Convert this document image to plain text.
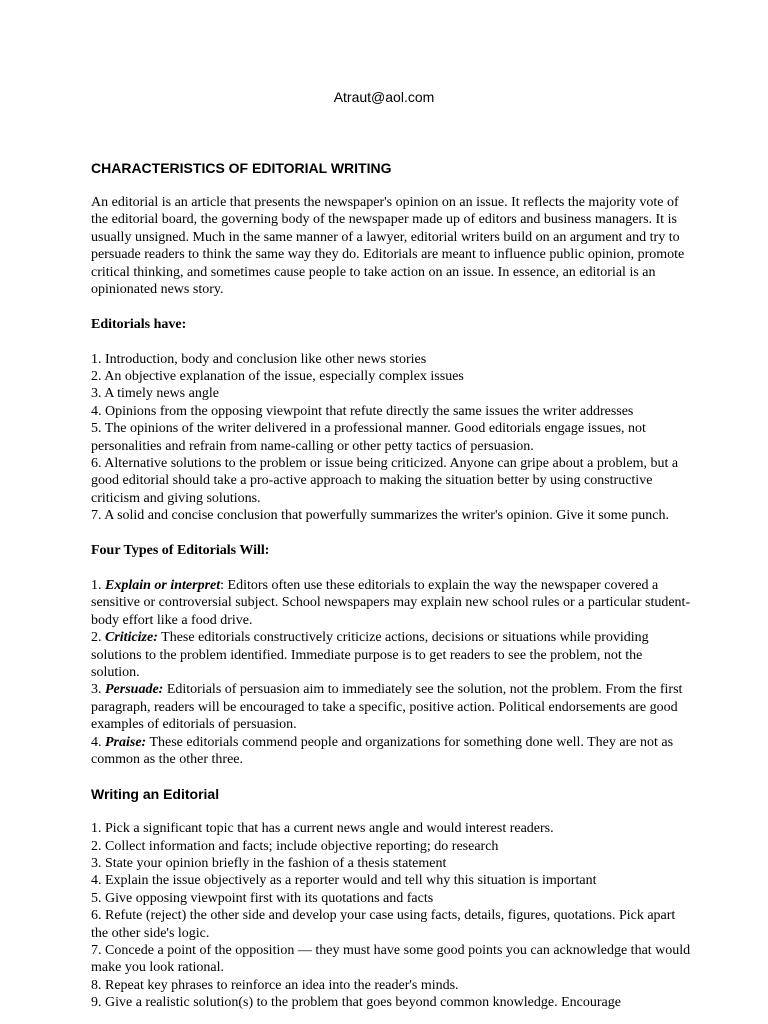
Atraut@aol.com

CHARACTERISTICS OF EDITORIAL WRITING

An editorial is an article that presents the newspaper's opinion on an issue. It reflects the majority vote of the editorial board, the governing body of the newspaper made up of editors and business managers. It is usually unsigned. Much in the same manner of a lawyer, editorial writers build on an argument and try to persuade readers to think the same way they do. Editorials are meant to influence public opinion, promote critical thinking, and sometimes cause people to take action on an issue. In essence, an editorial is an opinionated news story.

Editorials have:
1. Introduction, body and conclusion like other news stories
2. An objective explanation of the issue, especially complex issues
3. A timely news angle
4. Opinions from the opposing viewpoint that refute directly the same issues the writer addresses
5. The opinions of the writer delivered in a professional manner. Good editorials engage issues, not personalities and refrain from name-calling or other petty tactics of persuasion.
6. Alternative solutions to the problem or issue being criticized. Anyone can gripe about a problem, but a good editorial should take a pro-active approach to making the situation better by using constructive criticism and giving solutions.
7. A solid and concise conclusion that powerfully summarizes the writer's opinion. Give it some punch.
Four Types of Editorials Will:
1. Explain or interpret: Editors often use these editorials to explain the way the newspaper covered a sensitive or controversial subject. School newspapers may explain new school rules or a particular student-body effort like a food drive.
2. Criticize: These editorials constructively criticize actions, decisions or situations while providing solutions to the problem identified. Immediate purpose is to get readers to see the problem, not the solution.
3. Persuade: Editorials of persuasion aim to immediately see the solution, not the problem. From the first paragraph, readers will be encouraged to take a specific, positive action. Political endorsements are good examples of editorials of persuasion.
4. Praise: These editorials commend people and organizations for something done well. They are not as common as the other three.
Writing an Editorial
1. Pick a significant topic that has a current news angle and would interest readers.
2. Collect information and facts; include objective reporting; do research
3. State your opinion briefly in the fashion of a thesis statement
4. Explain the issue objectively as a reporter would and tell why this situation is important
5. Give opposing viewpoint first with its quotations and facts
6. Refute (reject) the other side and develop your case using facts, details, figures, quotations. Pick apart the other side's logic.
7. Concede a point of the opposition — they must have some good points you can acknowledge that would make you look rational.
8. Repeat key phrases to reinforce an idea into the reader's minds.
9. Give a realistic solution(s) to the problem that goes beyond common knowledge. Encourage
